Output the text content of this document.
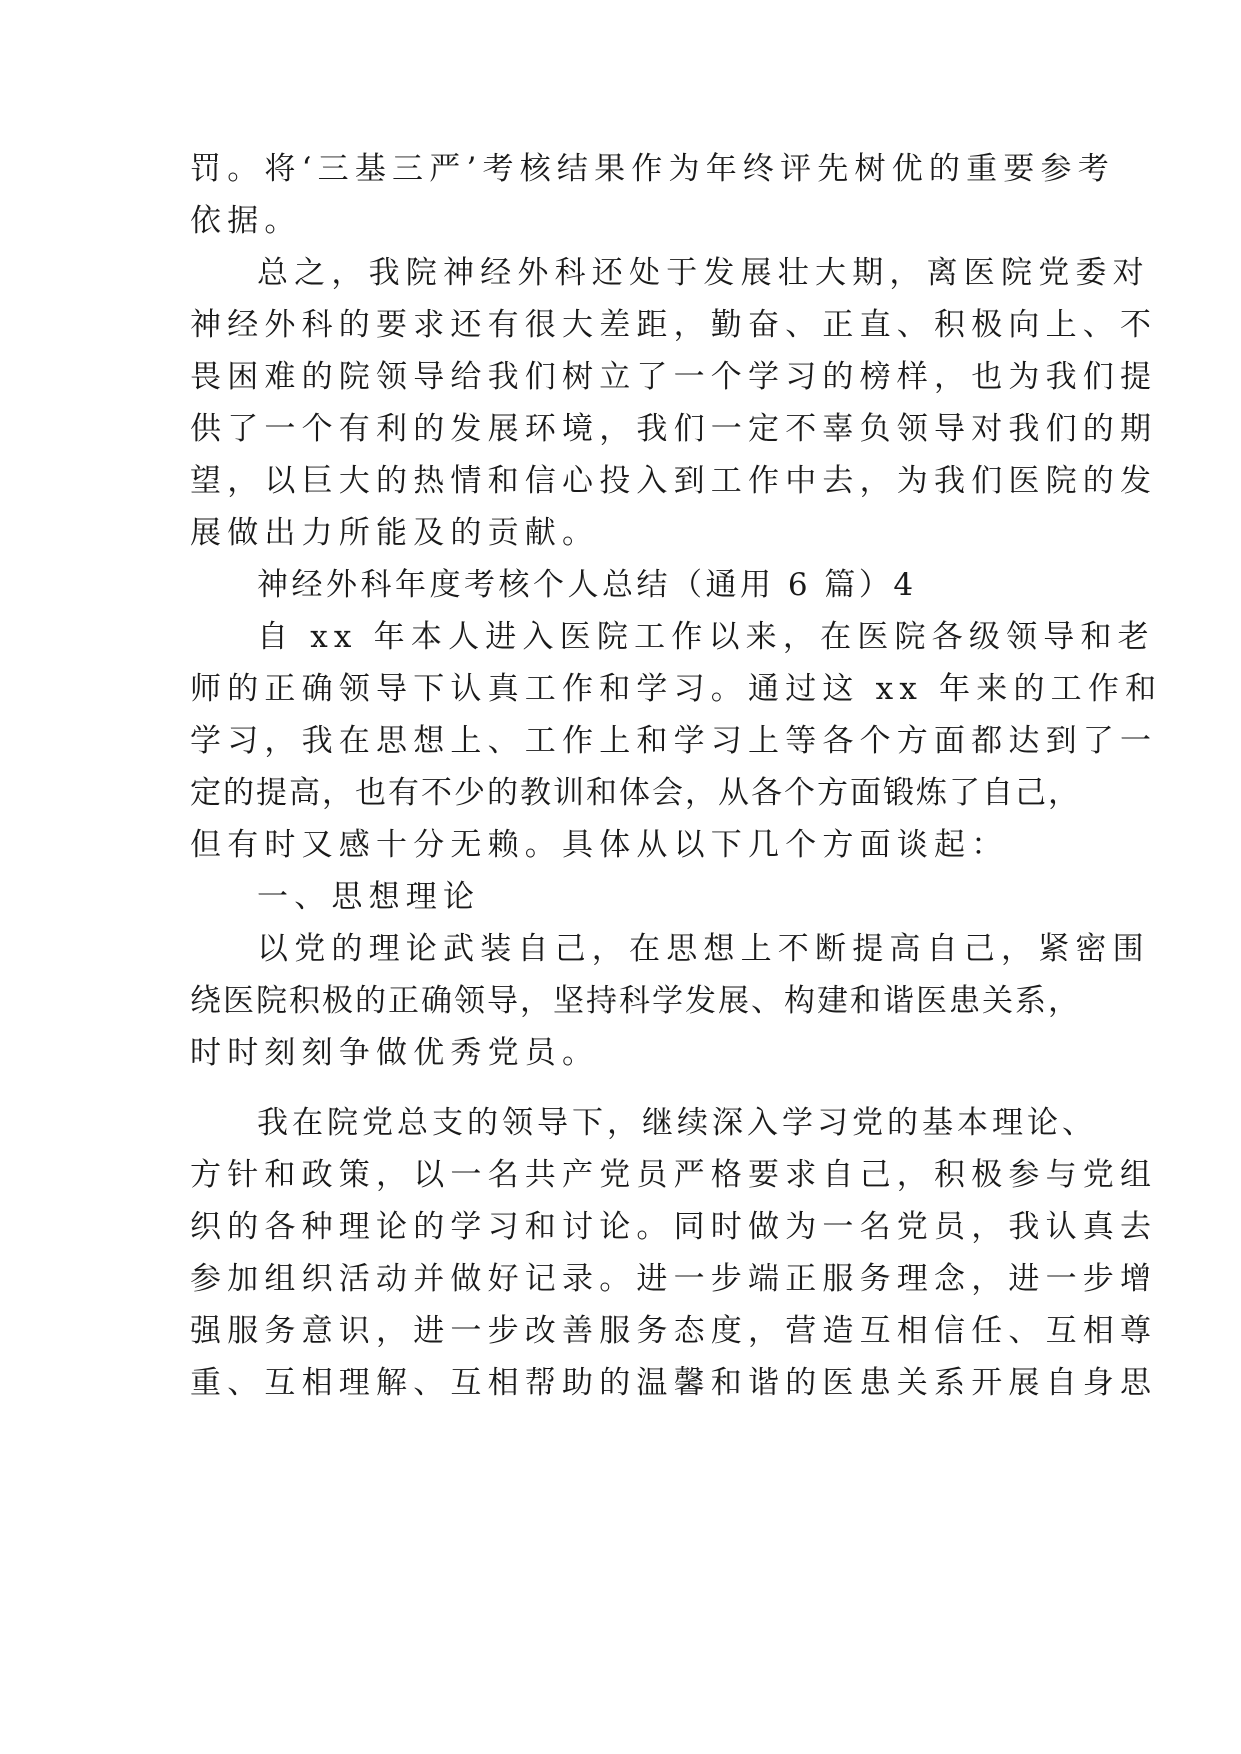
罚。将‘三基三严’考核结果作为年终评先树优的重要参考
依据。
总之，我院神经外科还处于发展壮大期，离医院党委对
神经外科的要求还有很大差距，勤奋、正直、积极向上、不
畏困难的院领导给我们树立了一个学习的榜样，也为我们提
供了一个有利的发展环境，我们一定不辜负领导对我们的期
望，以巨大的热情和信心投入到工作中去，为我们医院的发
展做出力所能及的贡献。
神经外科年度考核个人总结（通用 6 篇）4
自 xx 年本人进入医院工作以来，在医院各级领导和老
师的正确领导下认真工作和学习。通过这 xx 年来的工作和
学习，我在思想上、工作上和学习上等各个方面都达到了一
定的提高，也有不少的教训和体会，从各个方面锻炼了自己，
但有时又感十分无赖。具体从以下几个方面谈起：
一、思想理论
以党的理论武装自己，在思想上不断提高自己，紧密围
绕医院积极的正确领导，坚持科学发展、构建和谐医患关系，
时时刻刻争做优秀党员。
我在院党总支的领导下，继续深入学习党的基本理论、
方针和政策，以一名共产党员严格要求自己，积极参与党组
织的各种理论的学习和讨论。同时做为一名党员，我认真去
参加组织活动并做好记录。进一步端正服务理念，进一步增
强服务意识，进一步改善服务态度，营造互相信任、互相尊
重、互相理解、互相帮助的温馨和谐的医患关系开展自身思
